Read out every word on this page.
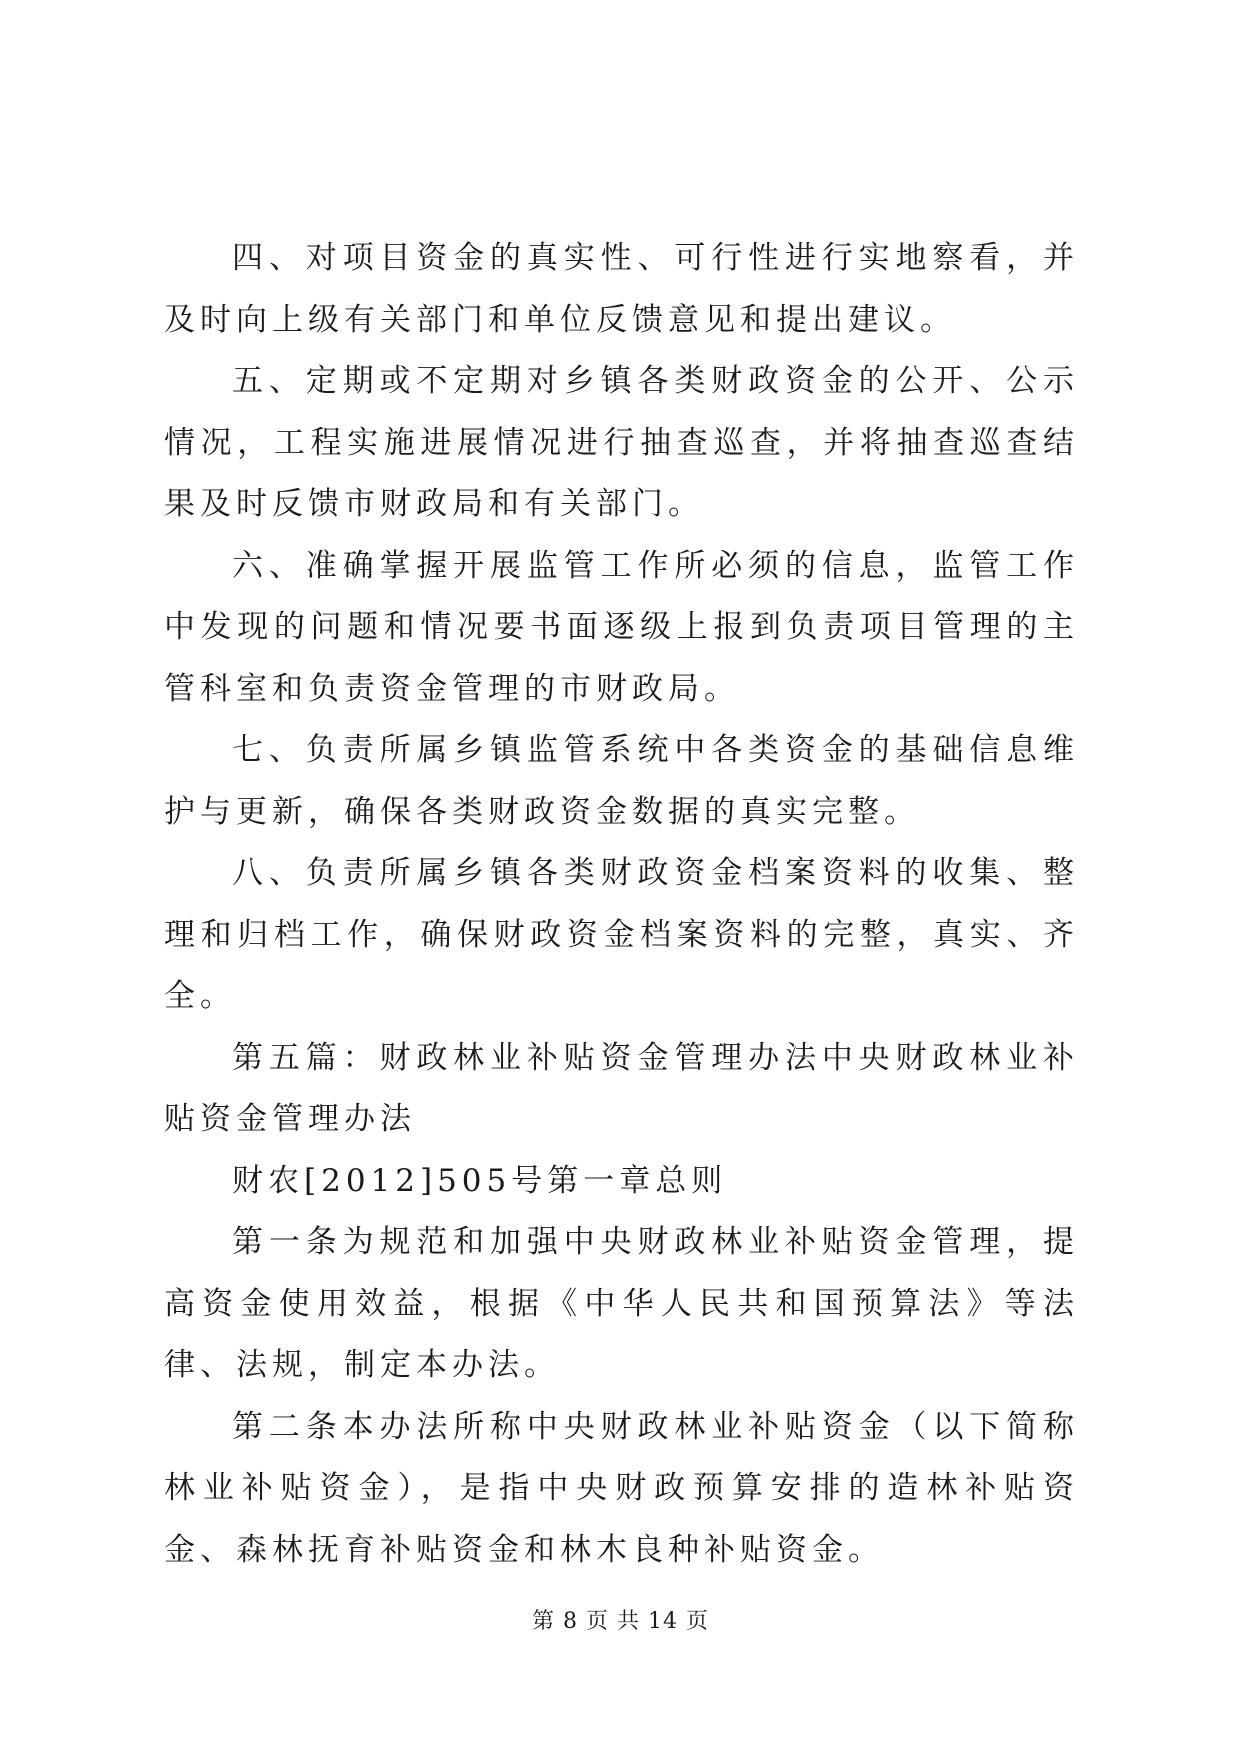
四、对项目资金的真实性、可行性进行实地察看，并及时向上级有关部门和单位反馈意见和提出建议。

五、定期或不定期对乡镇各类财政资金的公开、公示情况，工程实施进展情况进行抽查巡查，并将抽查巡查结果及时反馈市财政局和有关部门。

六、准确掌握开展监管工作所必须的信息，监管工作中发现的问题和情况要书面逐级上报到负责项目管理的主管科室和负责资金管理的市财政局。

七、负责所属乡镇监管系统中各类资金的基础信息维护与更新，确保各类财政资金数据的真实完整。

八、负责所属乡镇各类财政资金档案资料的收集、整理和归档工作，确保财政资金档案资料的完整，真实、齐全。

第五篇：财政林业补贴资金管理办法中央财政林业补贴资金管理办法

财农[2012]505号第一章总则

第一条为规范和加强中央财政林业补贴资金管理，提高资金使用效益，根据《中华人民共和国预算法》等法律、法规，制定本办法。

第二条本办法所称中央财政林业补贴资金（以下简称林业补贴资金），是指中央财政预算安排的造林补贴资金、森林抚育补贴资金和林木良种补贴资金。

第 8 页 共 14 页
